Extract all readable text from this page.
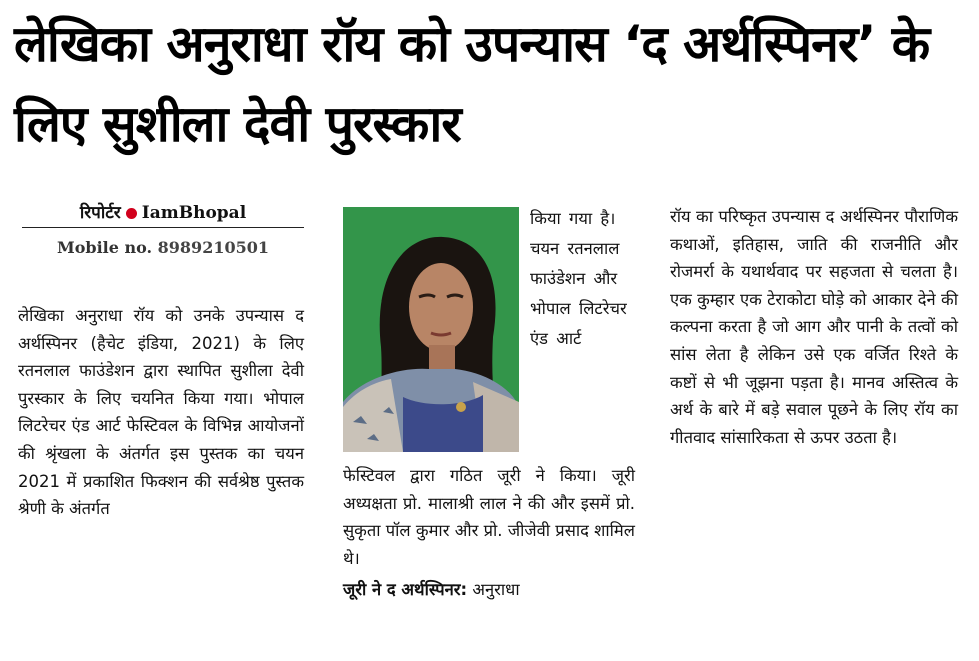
लेखिका अनुराधा रॉय को उपन्यास ‘द अर्थस्पिनर’ के लिए सुशीला देवी पुरस्कार
रिपोर्टर IamBhopal
Mobile no. 8989210501

लेखिका अनुराधा रॉय को उनके उपन्यास द अर्थस्पिनर (हैचेट इंडिया, 2021) के लिए रतनलाल फाउंडेशन द्वारा स्थापित सुशीला देवी पुरस्कार के लिए चयनित किया गया। भोपाल लिटरेचर एंड आर्ट फेस्टिवल के विभिन्न आयोजनों की श्रृंखला के अंतर्गत इस पुस्तक का चयन 2021 में प्रकाशित फिक्शन की सर्वश्रेष्ठ पुस्तक श्रेणी के अंतर्गत

किया गया है। चयन रतनलाल फाउंडेशन और भोपाल लिटरेचर एंड आर्ट

फेस्टिवल द्वारा गठित जूरी ने किया। जूरी अध्यक्षता प्रो. मालाश्री लाल ने की और इसमें प्रो. सुकृता पॉल कुमार और प्रो. जीजेवी प्रसाद शामिल थे।

जूरी ने द अर्थस्पिनर: अनुराधा

रॉय का परिष्कृत उपन्यास द अर्थस्पिनर पौराणिक कथाओं, इतिहास, जाति की राजनीति और रोजमर्रा के यथार्थवाद पर सहजता से चलता है। एक कुम्हार एक टेराकोटा घोड़े को आकार देने की कल्पना करता है जो आग और पानी के तत्वों को सांस लेता है लेकिन उसे एक वर्जित रिश्ते के कष्टों से भी जूझना पड़ता है। मानव अस्तित्व के अर्थ के बारे में बड़े सवाल पूछने के लिए रॉय का गीतवाद सांसारिकता से ऊपर उठता है।
